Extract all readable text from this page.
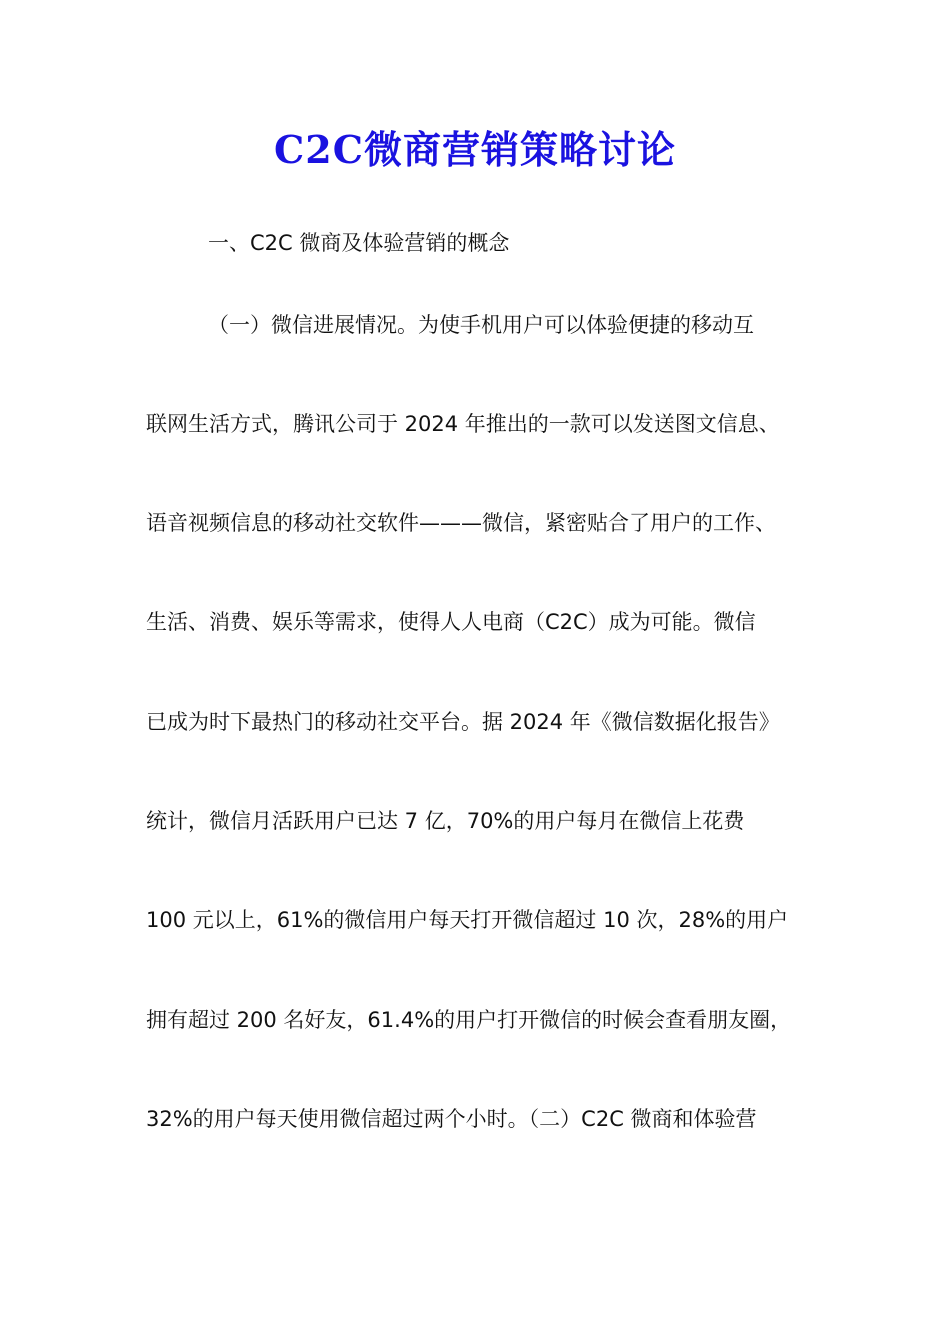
C2C微商营销策略讨论
一、C2C 微商及体验营销的概念
（一）微信进展情况。为使手机用户可以体验便捷的移动互
联网生活方式，腾讯公司于 2024 年推出的一款可以发送图文信息、
语音视频信息的移动社交软件———微信，紧密贴合了用户的工作、
生活、消费、娱乐等需求，使得人人电商（C2C）成为可能。微信
已成为时下最热门的移动社交平台。据 2024 年《微信数据化报告》
统计，微信月活跃用户已达 7 亿，70%的用户每月在微信上花费
100 元以上，61%的微信用户每天打开微信超过 10 次，28%的用户
拥有超过 200 名好友，61.4%的用户打开微信的时候会查看朋友圈，
32%的用户每天使用微信超过两个小时。（二）C2C 微商和体验营
